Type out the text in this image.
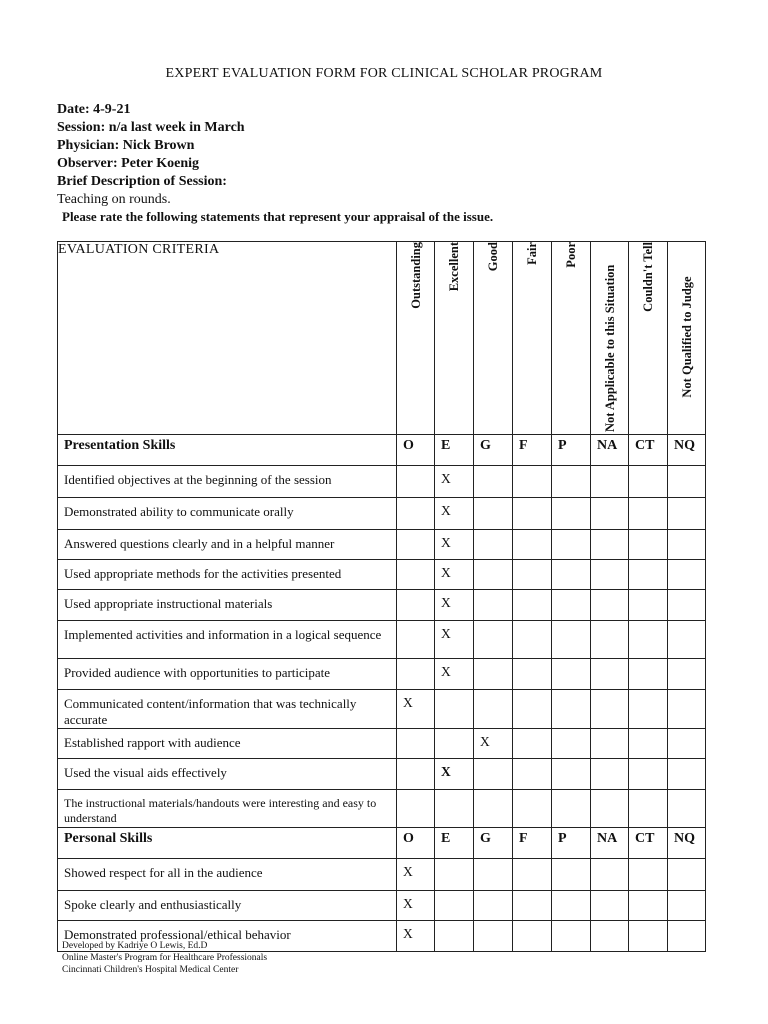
EXPERT EVALUATION FORM FOR CLINICAL SCHOLAR PROGRAM
Date: 4-9-21
Session: n/a last week in March
Physician: Nick Brown
Observer: Peter Koenig
Brief Description of Session:
Teaching on rounds.
Please rate the following statements that represent your appraisal of the issue.
EVALUATION CRITERIA	Outstanding	Excellent	Good	Fair	Poor	Not Applicable to this Situation	Couldn't Tell	Not Qualified to Judge

Presentation Skills	O	E	G	F	P	NA	CT	NQ
Identified objectives at the beginning of the session		X						
Demonstrated ability to communicate orally		X						
Answered questions clearly and in a helpful manner		X						
Used appropriate methods for the activities presented		X						
Used appropriate instructional materials		X						
Implemented activities and information in a logical sequence		X						
Provided audience with opportunities to participate		X						
Communicated content/information that was technically accurate	X							
Established rapport with audience			X					
Used the visual aids effectively		X						
The instructional materials/handouts were interesting and easy to understand								
Personal Skills	O	E	G	F	P	NA	CT	NQ
Showed respect for all in the audience	X							
Spoke clearly and enthusiastically	X							
Demonstrated professional/ethical behavior	X							
Developed by Kadriye O Lewis, Ed.D
Online Master's Program for Healthcare Professionals
Cincinnati Children's Hospital Medical Center
